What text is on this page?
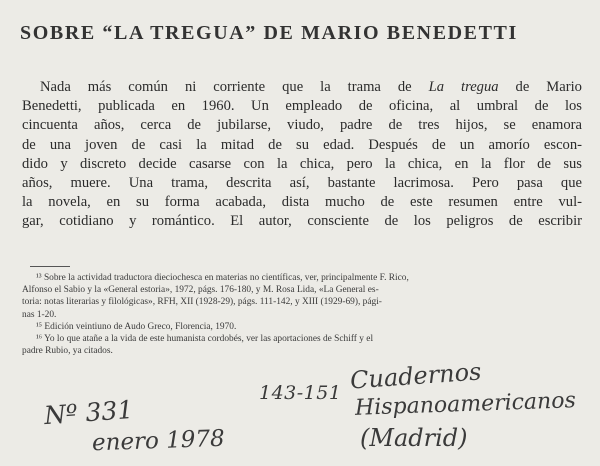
SOBRE “LA TREGUA” DE MARIO BENEDETTI
Nada más común ni corriente que la trama de La tregua de Mario
Benedetti, publicada en 1960. Un empleado de oficina, al umbral de los
cincuenta años, cerca de jubilarse, viudo, padre de tres hijos, se enamora
de una joven de casi la mitad de su edad. Después de un amorío escon-
dido y discreto decide casarse con la chica, pero la chica, en la flor de sus
años, muere. Una trama, descrita así, bastante lacrimosa. Pero pasa que
la novela, en su forma acabada, dista mucho de este resumen entre vul-
gar, cotidiano y romántico. El autor, consciente de los peligros de escribir
¹³ Sobre la actividad traductora dieciochesca en materias no científicas, ver, principalmente F. Rico,
Alfonso el Sabio y la «General estoria», 1972, págs. 176-180, y M. Rosa Lida, «La General es-
toria: notas literarias y filológicas», RFH, XII (1928-29), págs. 111-142, y XIII (1929-69), pági-
nas 1-20.
¹⁵ Edición veintiuno de Audo Greco, Florencia, 1970.
¹⁶ Yo lo que atañe a la vida de este humanista cordobés, ver las aportaciones de Schiff y el
padre Rubio, ya citados.
143-151 Cuadernos
Hispanoamericanos
(Madrid)
Nº 331
enero 1978
